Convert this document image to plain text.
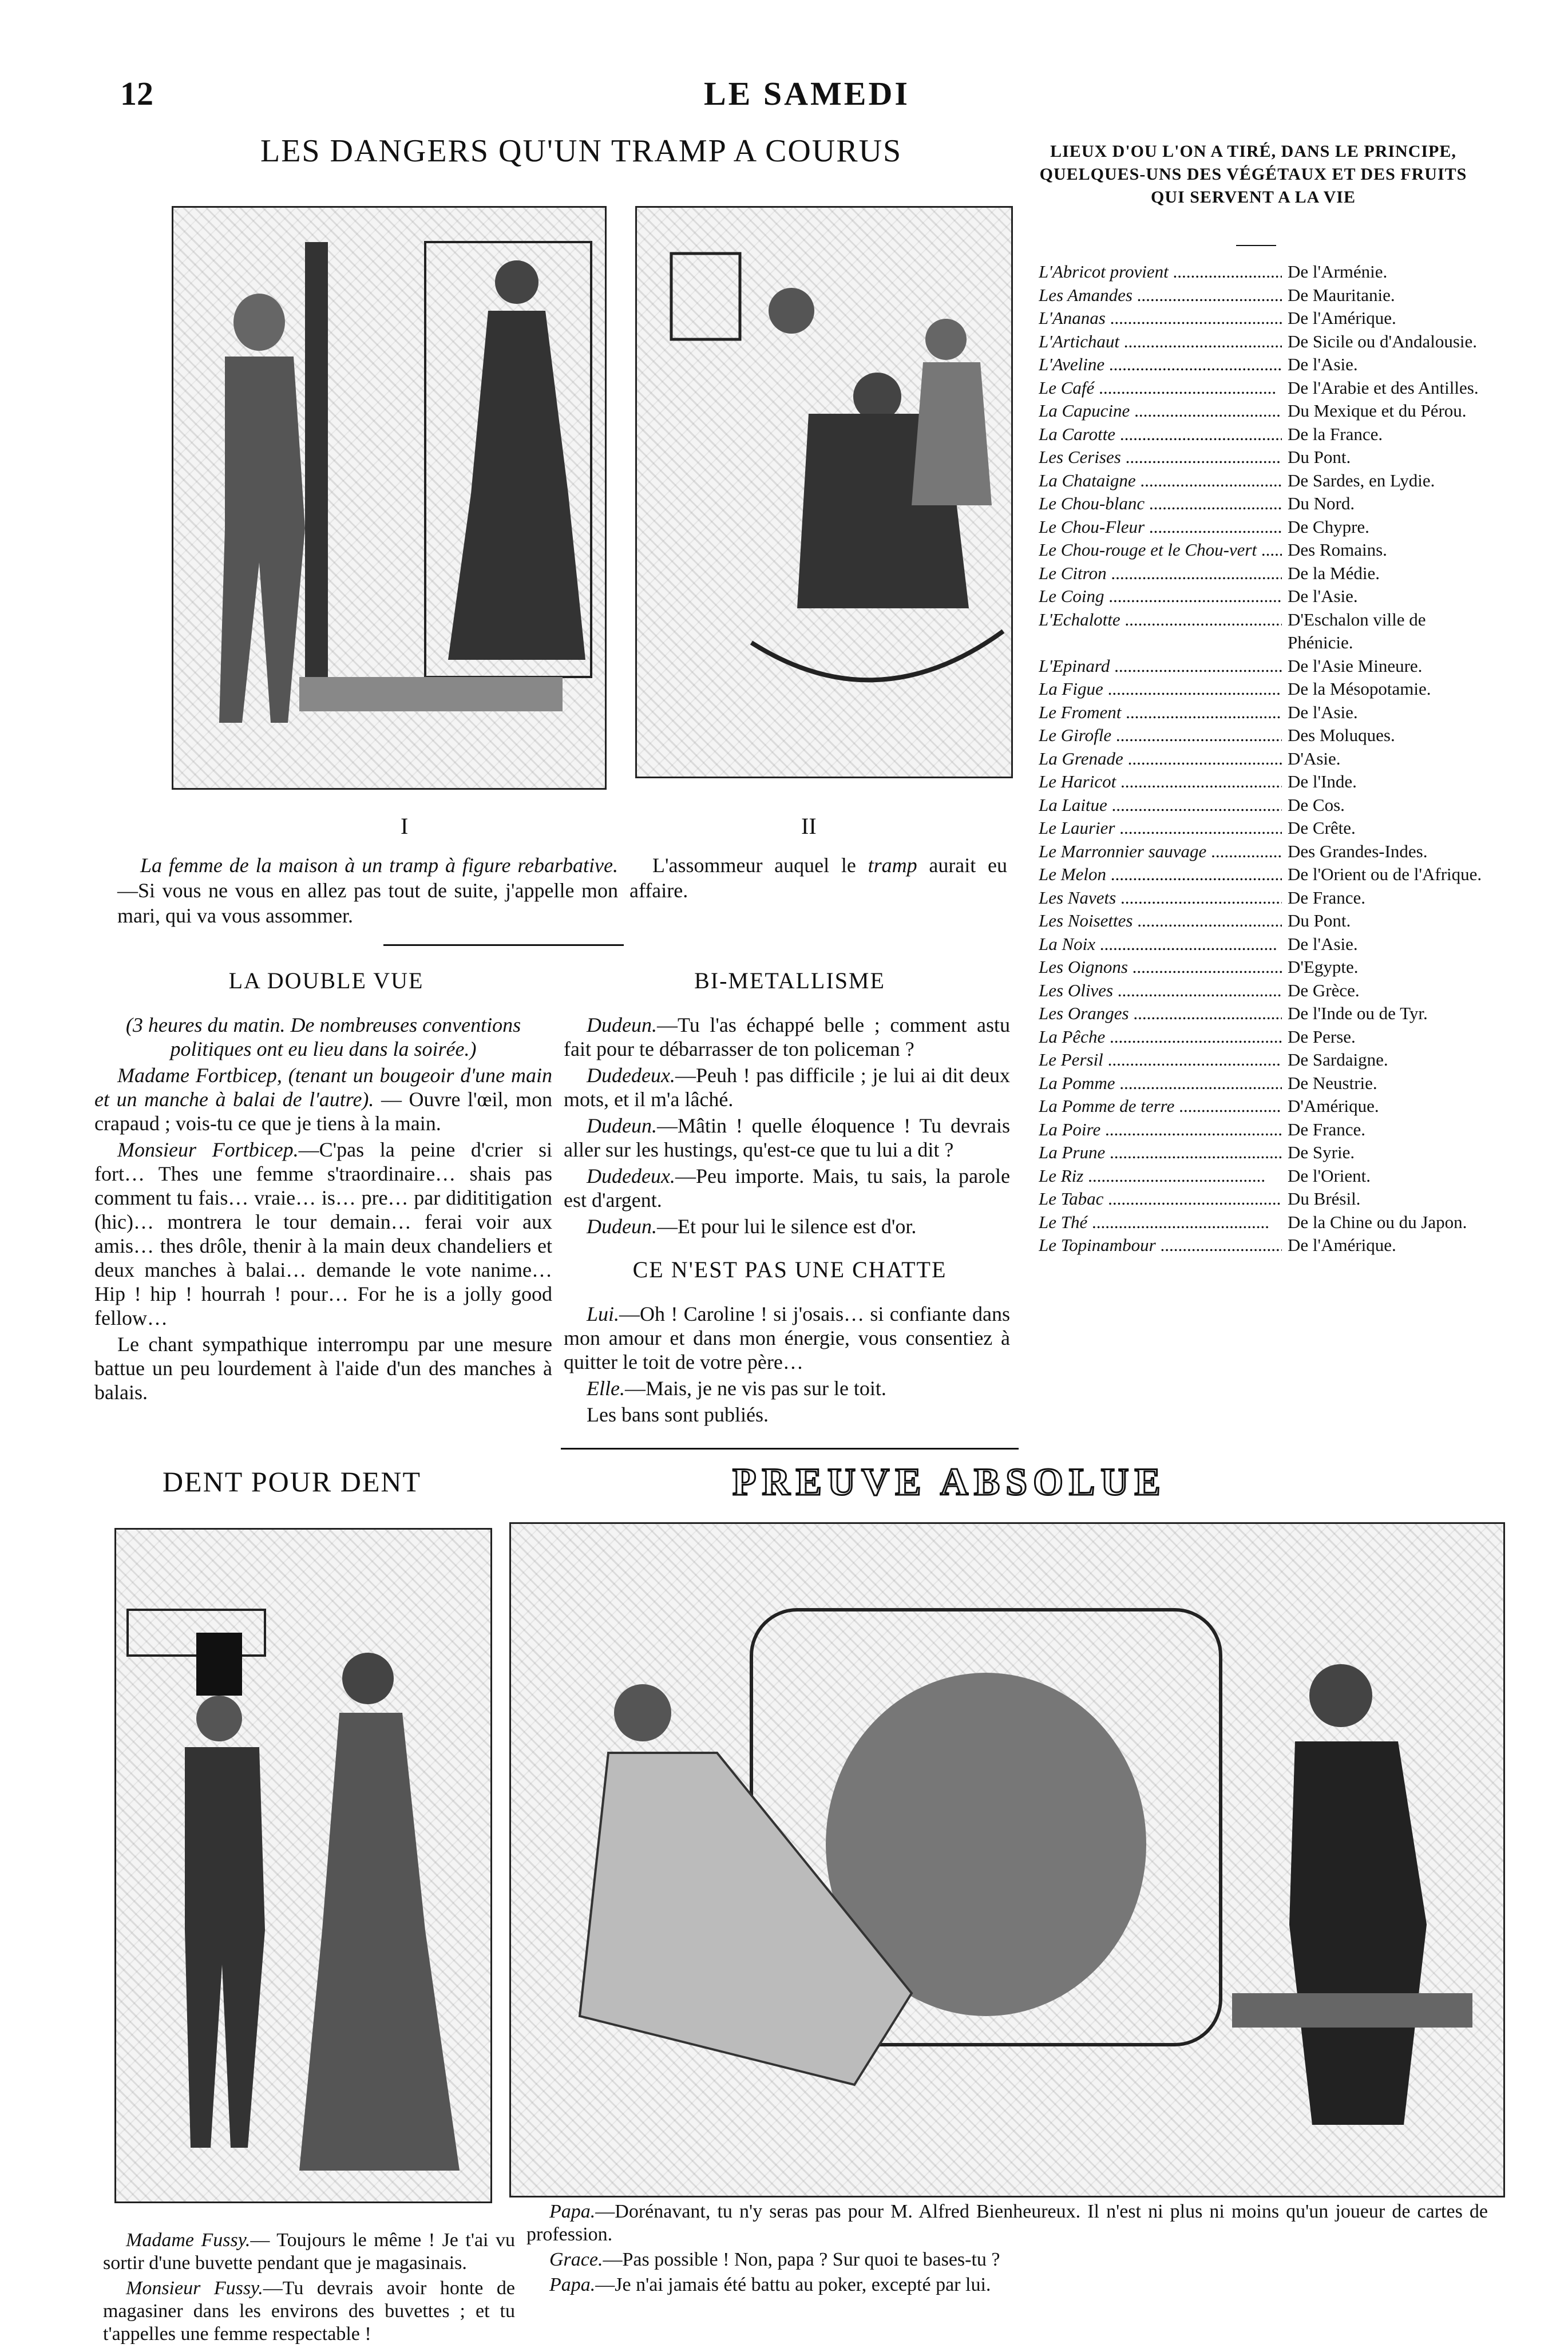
12	LE SAMEDI
LES DANGERS QU'UN TRAMP A COURUS
I	II
La femme de la maison à un tramp à figure rebarbative.—Si vous ne vous en allez pas tout de suite, j'appelle mon mari, qui va vous assommer.
L'assommeur auquel le tramp aurait eu affaire.
LA DOUBLE VUE

(3 heures du matin. De nombreuses conventions politiques ont eu lieu dans la soirée.)

Madame Fortbicep, (tenant un bougeoir d'une main et un manche à balai de l'autre). — Ouvre l'œil, mon crapaud ; vois-tu ce que je tiens à la main.

Monsieur Fortbicep.—C'pas la peine d'crier si fort… Thes une femme s'traordinaire… shais pas comment tu fais… vraie… is… pre… par didititigation (hic)… montrera le tour demain… ferai voir aux amis… thes drôle, thenir à la main deux chandeliers et deux manches à balai… demande le vote nanime… Hip ! hip ! hourrah ! pour… For he is a jolly good fellow…

Le chant sympathique interrompu par une mesure battue un peu lourdement à l'aide d'un des manches à balais.

BI-METALLISME

Dudeun.—Tu l'as échappé belle ; comment astu fait pour te débarrasser de ton policeman ?

Dudedeux.—Peuh ! pas difficile ; je lui ai dit deux mots, et il m'a lâché.

Dudeun.—Mâtin ! quelle éloquence ! Tu devrais aller sur les hustings, qu'est-ce que tu lui a dit ?

Dudedeux.—Peu importe. Mais, tu sais, la parole est d'argent.

Dudeun.—Et pour lui le silence est d'or.

CE N'EST PAS UNE CHATTE

Lui.—Oh ! Caroline ! si j'osais… si confiante dans mon amour et dans mon énergie, vous consentiez à quitter le toit de votre père…

Elle.—Mais, je ne vis pas sur le toit.

Les bans sont publiés.

LIEUX D'OU L'ON A TIRÉ, DANS LE PRINCIPE, QUELQUES-UNS DES VÉGÉTAUX ET DES FRUITS QUI SERVENT A LA VIE
L'Abricot provient .....	De l'Arménie.
Les Amandes .....	De Mauritanie.
L'Ananas .....	De l'Amérique.
L'Artichaut .....	De Sicile ou d'Andalousie.
L'Aveline .....	De l'Asie.
Le Café .....	De l'Arabie et des Antilles.
La Capucine .....	Du Mexique et du Pérou.
La Carotte .....	De la France.
Les Cerises .....	Du Pont.
La Chataigne .....	De Sardes, en Lydie.
Le Chou-blanc .....	Du Nord.
Le Chou-Fleur .....	De Chypre.
Le Chou-rouge et le Chou-vert .....	Des Romains.
Le Citron .....	De la Médie.
Le Coing .....	De l'Asie.
L'Echalotte .....	D'Eschalon ville de Phénicie.
L'Epinard .....	De l'Asie Mineure.
La Figue .....	De la Mésopotamie.
Le Froment .....	De l'Asie.
Le Girofle .....	Des Moluques.
La Grenade .....	D'Asie.
Le Haricot .....	De l'Inde.
La Laitue .....	De Cos.
Le Laurier .....	De Crête.
Le Marronnier sauvage .....	Des Grandes-Indes.
Le Melon .....	De l'Orient ou de l'Afrique.
Les Navets .....	De France.
Les Noisettes .....	Du Pont.
La Noix .....	De l'Asie.
Les Oignons .....	D'Egypte.
Les Olives .....	De Grèce.
Les Oranges .....	De l'Inde ou de Tyr.
La Pêche .....	De Perse.
Le Persil .....	De Sardaigne.
La Pomme .....	De Neustrie.
La Pomme de terre .....	D'Amérique.
La Poire .....	De France.
La Prune .....	De Syrie.
Le Riz .....	De l'Orient.
Le Tabac .....	Du Brésil.
Le Thé .....	De la Chine ou du Japon.
Le Topinambour .....	De l'Amérique.
DENT POUR DENT

Madame Fussy.— Toujours le même ! Je t'ai vu sortir d'une buvette pendant que je magasinais.

Monsieur Fussy.—Tu devrais avoir honte de magasiner dans les environs des buvettes ; et tu t'appelles une femme respectable !

PREUVE ABSOLUE

Papa.—Dorénavant, tu n'y seras pas pour M. Alfred Bienheureux. Il n'est ni plus ni moins qu'un joueur de cartes de profession.

Grace.—Pas possible ! Non, papa ? Sur quoi te bases-tu ?

Papa.—Je n'ai jamais été battu au poker, excepté par lui.
